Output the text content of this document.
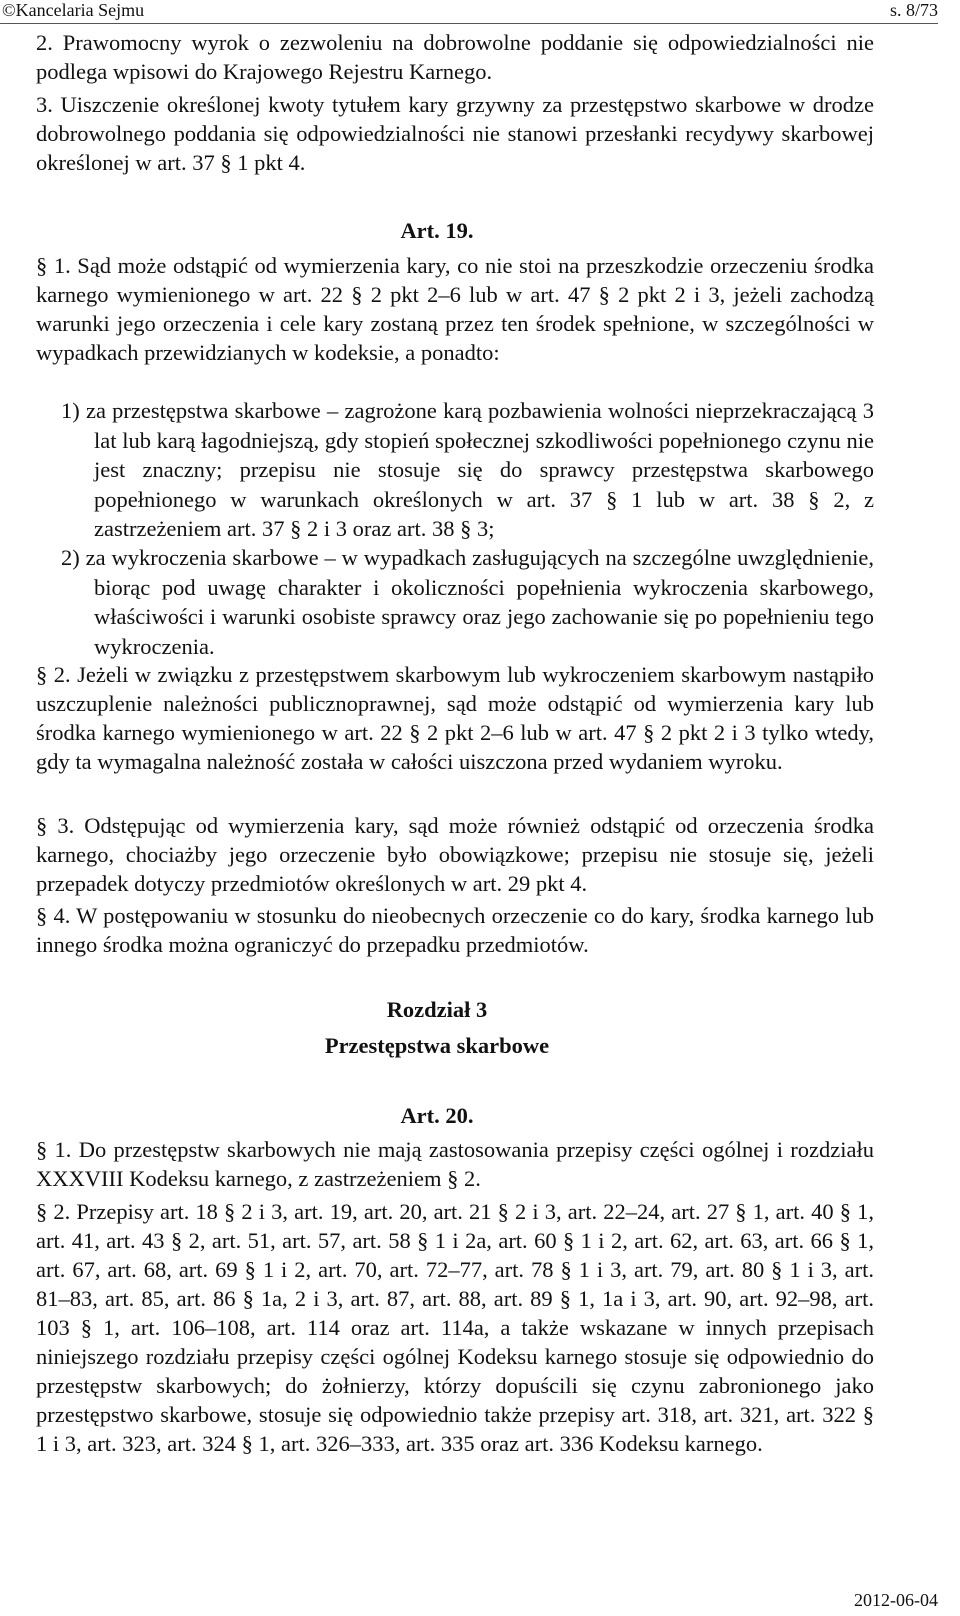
©Kancelaria Sejmu	s. 8/73
2. Prawomocny wyrok o zezwoleniu na dobrowolne poddanie się odpowiedzialności nie podlega wpisowi do Krajowego Rejestru Karnego.
3. Uiszczenie określonej kwoty tytułem kary grzywny za przestępstwo skarbowe w drodze dobrowolnego poddania się odpowiedzialności nie stanowi przesłanki recydywy skarbowej określonej w art. 37 § 1 pkt 4.
Art. 19.
§ 1. Sąd może odstąpić od wymierzenia kary, co nie stoi na przeszkodzie orzeczeniu środka karnego wymienionego w art. 22 § 2 pkt 2–6 lub w art. 47 § 2 pkt 2 i 3, jeżeli zachodzą warunki jego orzeczenia i cele kary zostaną przez ten środek spełnione, w szczególności w wypadkach przewidzianych w kodeksie, a ponadto:
1) za przestępstwa skarbowe – zagrożone karą pozbawienia wolności nieprzekraczającą 3 lat lub karą łagodniejszą, gdy stopień społecznej szkodliwości popełnionego czynu nie jest znaczny; przepisu nie stosuje się do sprawcy przestępstwa skarbowego popełnionego w warunkach określonych w art. 37 § 1 lub w art. 38 § 2, z zastrzeżeniem art. 37 § 2 i 3 oraz art. 38 § 3;
2) za wykroczenia skarbowe – w wypadkach zasługujących na szczególne uwzględnienie, biorąc pod uwagę charakter i okoliczności popełnienia wykroczenia skarbowego, właściwości i warunki osobiste sprawcy oraz jego zachowanie się po popełnieniu tego wykroczenia.
§ 2. Jeżeli w związku z przestępstwem skarbowym lub wykroczeniem skarbowym nastąpiło uszczuplenie należności publicznoprawnej, sąd może odstąpić od wymierzenia kary lub środka karnego wymienionego w art. 22 § 2 pkt 2–6 lub w art. 47 § 2 pkt 2 i 3 tylko wtedy, gdy ta wymagalna należność została w całości uiszczona przed wydaniem wyroku.
§ 3. Odstępując od wymierzenia kary, sąd może również odstąpić od orzeczenia środka karnego, chociażby jego orzeczenie było obowiązkowe; przepisu nie stosuje się, jeżeli przepadek dotyczy przedmiotów określonych w art. 29 pkt 4.
§ 4. W postępowaniu w stosunku do nieobecnych orzeczenie co do kary, środka karnego lub innego środka można ograniczyć do przepadku przedmiotów.
Rozdział 3
Przestępstwa skarbowe
Art. 20.
§ 1. Do przestępstw skarbowych nie mają zastosowania przepisy części ogólnej i rozdziału XXXVIII Kodeksu karnego, z zastrzeżeniem § 2.
§ 2. Przepisy art. 18 § 2 i 3, art. 19, art. 20, art. 21 § 2 i 3, art. 22–24, art. 27 § 1, art. 40 § 1, art. 41, art. 43 § 2, art. 51, art. 57, art. 58 § 1 i 2a, art. 60 § 1 i 2, art. 62, art. 63, art. 66 § 1, art. 67, art. 68, art. 69 § 1 i 2, art. 70, art. 72–77, art. 78 § 1 i 3, art. 79, art. 80 § 1 i 3, art. 81–83, art. 85, art. 86 § 1a, 2 i 3, art. 87, art. 88, art. 89 § 1, 1a i 3, art. 90, art. 92–98, art. 103 § 1, art. 106–108, art. 114 oraz art. 114a, a także wskazane w innych przepisach niniejszego rozdziału przepisy części ogólnej Kodeksu karnego stosuje się odpowiednio do przestępstw skarbowych; do żołnierzy, którzy dopuścili się czynu zabronionego jako przestępstwo skarbowe, stosuje się odpowiednio także przepisy art. 318, art. 321, art. 322 § 1 i 3, art. 323, art. 324 § 1, art. 326–333, art. 335 oraz art. 336 Kodeksu karnego.
2012-06-04
